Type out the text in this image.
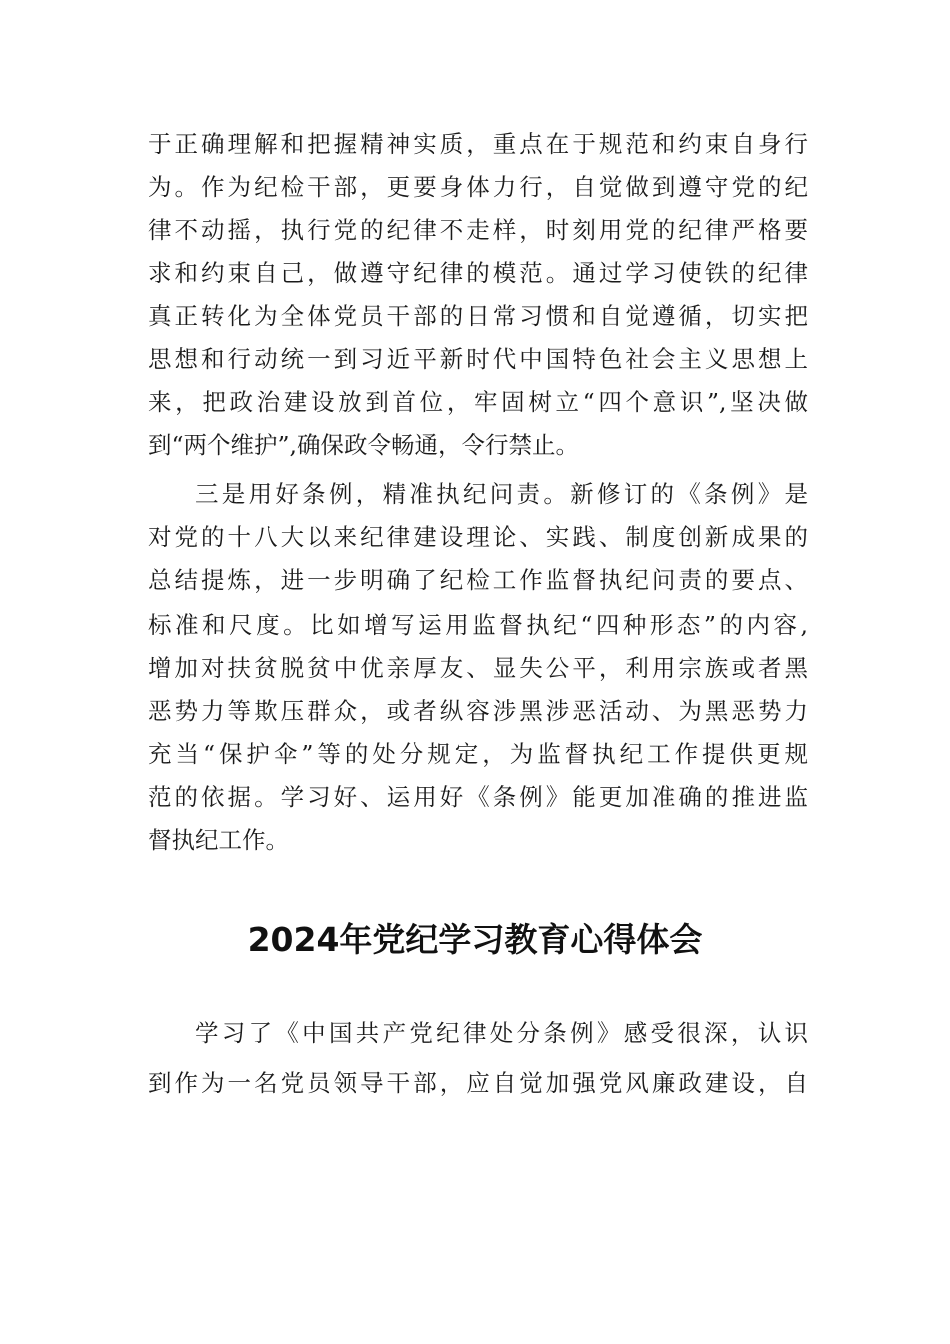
于正确理解和把握精神实质，重点在于规范和约束自身行
为。作为纪检干部，更要身体力行，自觉做到遵守党的纪
律不动摇，执行党的纪律不走样，时刻用党的纪律严格要
求和约束自己，做遵守纪律的模范。通过学习使铁的纪律
真正转化为全体党员干部的日常习惯和自觉遵循，切实把
思想和行动统一到习近平新时代中国特色社会主义思想上
来，把政治建设放到首位，牢固树立“四个意识”,坚决做
到“两个维护”,确保政令畅通，令行禁止。
三是用好条例，精准执纪问责。新修订的《条例》是
对党的十八大以来纪律建设理论、实践、制度创新成果的
总结提炼，进一步明确了纪检工作监督执纪问责的要点、
标准和尺度。比如增写运用监督执纪“四种形态”的内容,
增加对扶贫脱贫中优亲厚友、显失公平，利用宗族或者黑
恶势力等欺压群众，或者纵容涉黑涉恶活动、为黑恶势力
充当“保护伞”等的处分规定，为监督执纪工作提供更规
范的依据。学习好、运用好《条例》能更加准确的推进监
督执纪工作。
2024年党纪学习教育心得体会
学习了《中国共产党纪律处分条例》感受很深，认识
到作为一名党员领导干部，应自觉加强党风廉政建设，自
